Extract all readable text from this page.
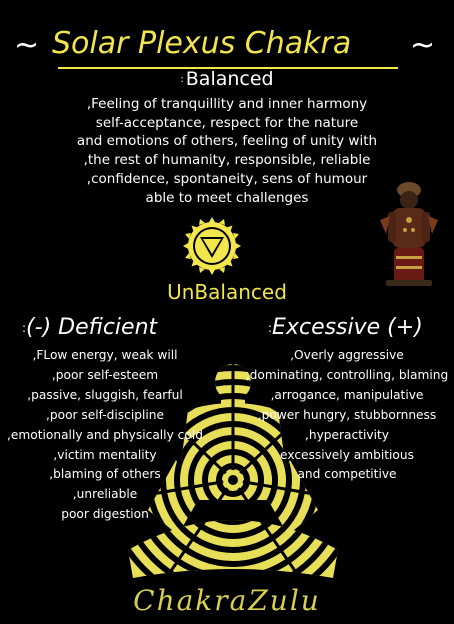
~ Solar Plexus Chakra	~
: Balanced
,Feeling of tranquillity and inner harmony
self-acceptance, respect for the nature
and emotions of others, feeling of unity with
,the rest of humanity, responsible, reliable
,confidence, spontaneity, sens of humour
able to meet challenges
UnBalanced
:(-) Deficient	:Excessive (+)
,FLow energy, weak will
,poor self-esteem
,passive, sluggish, fearful
,poor self-discipline
,emotionally and physically cold
,victim mentality
,blaming of others
,unreliable
poor digestion
,Overly aggressive
,dominating, controlling, blaming
,arrogance, manipulative
,power hungry, stubbornness
,hyperactivity
excessively ambitious
and competitive
ChakraZulu
